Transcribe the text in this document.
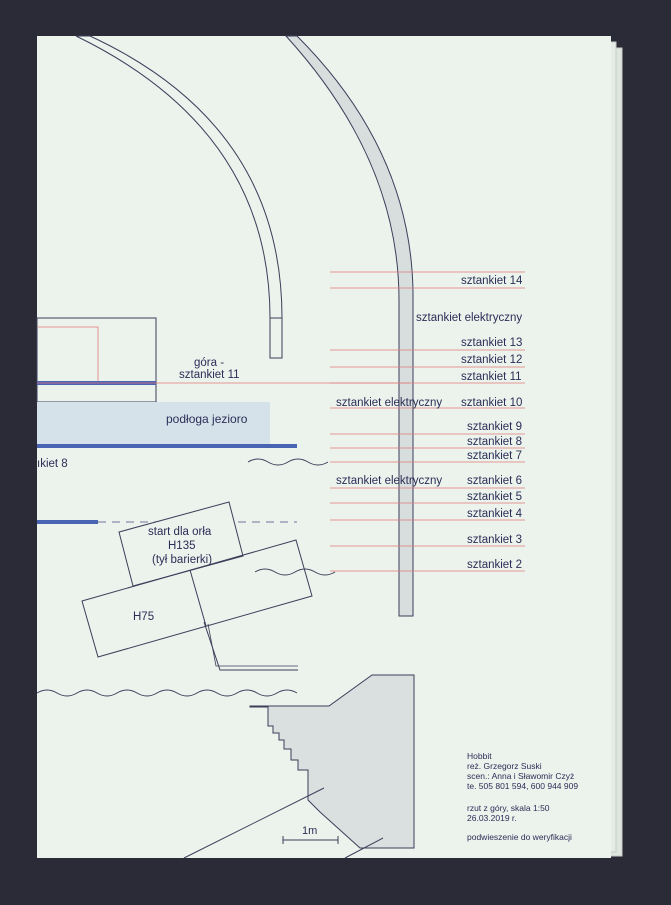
1m
sztankiet 14
sztankiet elektryczny
sztankiet 13
sztankiet 12
sztankiet 11
sztankiet 10
sztankiet elektryczny
sztankiet 9
sztankiet 8
sztankiet 7
sztankiet 6
sztankiet elektryczny
sztankiet 5
sztankiet 4
sztankiet 3
sztankiet 2
góra -
sztankiet 11
podłoga jezioro
ıkiet 8
start dla orła
H135
(tył barierki)
H75
Hobbit
reż. Grzegorz Suski
scen.: Anna i Sławomir Czyż
te. 505 801 594, 600 944 909
rzut z góry, skala 1:50
26.03.2019 r.
podwieszenie do weryfikacji
